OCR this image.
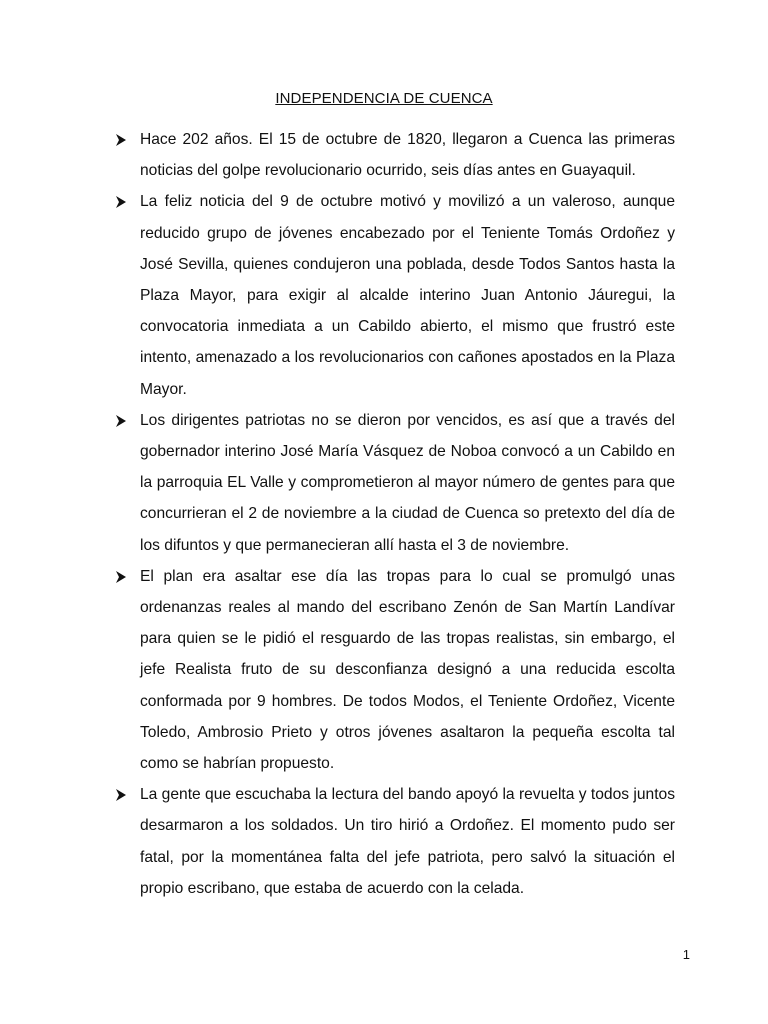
INDEPENDENCIA DE CUENCA
Hace 202 años. El 15 de octubre de 1820, llegaron a Cuenca las primeras noticias del golpe revolucionario ocurrido, seis días antes en Guayaquil.
La feliz noticia del 9 de octubre motivó y movilizó a un valeroso, aunque reducido grupo de jóvenes encabezado por el Teniente Tomás Ordoñez y José Sevilla, quienes condujeron una poblada, desde Todos Santos hasta la Plaza Mayor, para exigir al alcalde interino Juan Antonio Jáuregui, la convocatoria inmediata a un Cabildo abierto, el mismo que frustró este intento, amenazado a los revolucionarios con cañones apostados en la Plaza Mayor.
Los dirigentes patriotas no se dieron por vencidos, es así que a través del gobernador interino José María Vásquez de Noboa convocó a un Cabildo en la parroquia EL Valle y comprometieron al mayor número de gentes para que concurrieran el 2 de noviembre a la ciudad de Cuenca so pretexto del día de los difuntos y que permanecieran allí hasta el 3 de noviembre.
El plan era asaltar ese día las tropas para lo cual se promulgó unas ordenanzas reales al mando del escribano Zenón de San Martín Landívar para quien se le pidió el resguardo de las tropas realistas, sin embargo, el jefe Realista fruto de su desconfianza designó a una reducida escolta conformada por 9 hombres. De todos Modos, el Teniente Ordoñez, Vicente Toledo, Ambrosio Prieto y otros jóvenes asaltaron la pequeña escolta tal como se habrían propuesto.
La gente que escuchaba la lectura del bando apoyó la revuelta y todos juntos desarmaron a los soldados. Un tiro hirió a Ordoñez. El momento pudo ser fatal, por la momentánea falta del jefe patriota, pero salvó la situación el propio escribano, que estaba de acuerdo con la celada.
1
